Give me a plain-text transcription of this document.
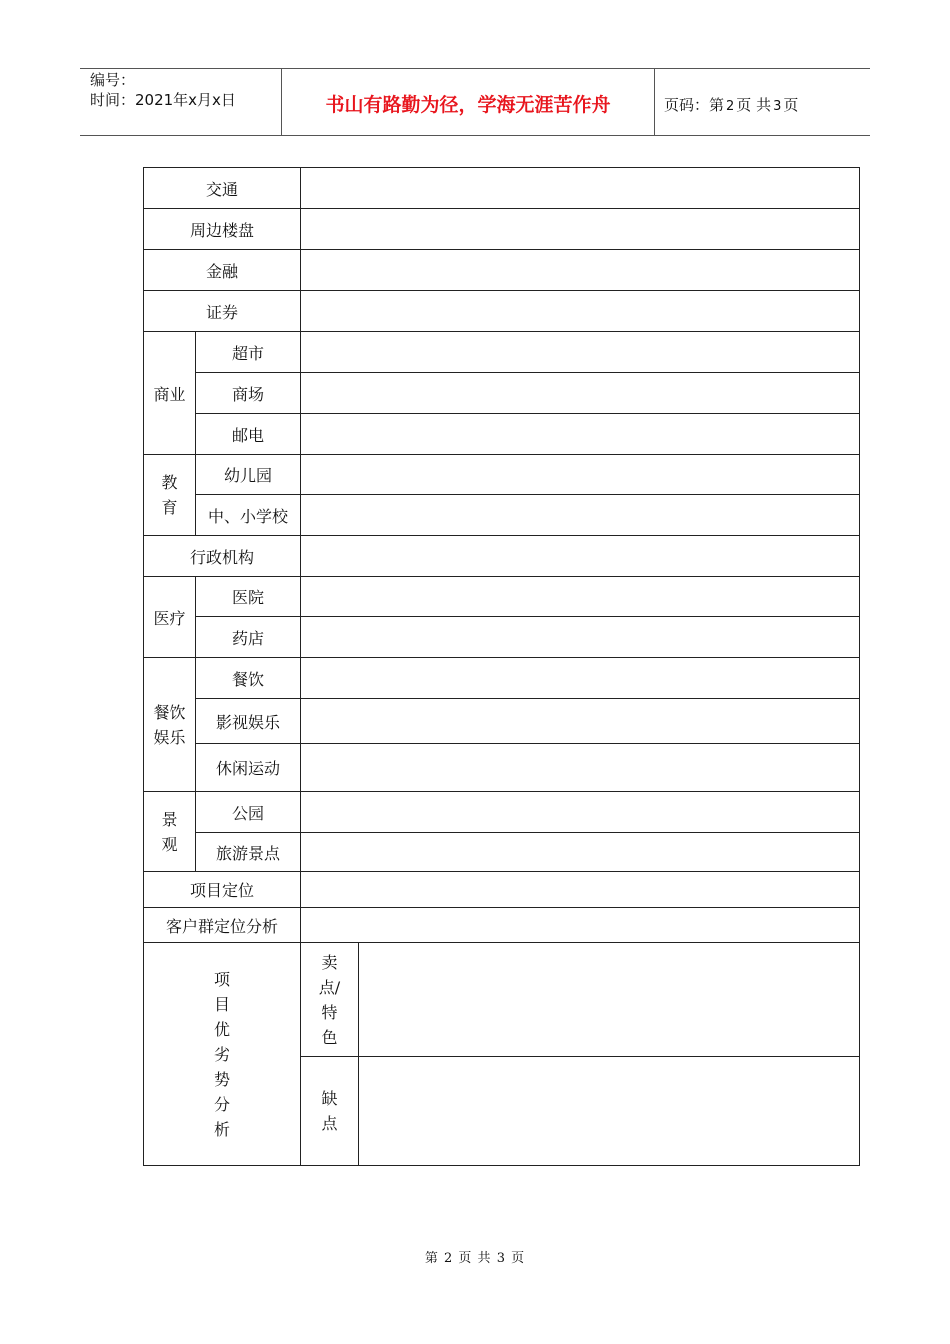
编号：
时间：2021年x月x日	书山有路勤为径，学海无涯苦作舟	页码：第 2 页 共 3 页
交通
周边楼盘
金融
证券
商业
超市
商场
邮电
教
育
幼儿园
中、小学校
行政机构
医疗
医院
药店
餐饮
娱乐
餐饮
影视娱乐
休闲运动
景
观
公园
旅游景点
项目定位
客户群定位分析
项
目
优
劣
势
分
析
卖
点/
特
色
缺
点
第 2 页 共 3 页
